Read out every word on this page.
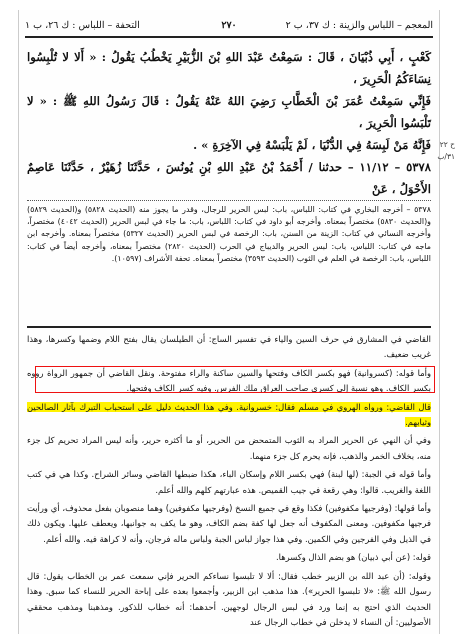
المعجم – اللباس والزينة : ك ٣٧، ب ٢
٢٧٠
التحفة – اللباس : ك ٢٦، ب ١

كَعْبٍ ، أَبِي ذُبْيَانَ ، قَالَ : سَمِعْتُ عَبْدَ اللهِ بْنَ الزُّبَيْرِ يَخْطُبُ يَقُولُ : « أَلا لا تُلْبِسُوا نِسَاءَكُمُ الْحَرِيرَ ،

فَإِنِّي سَمِعْتُ عُمَرَ بْنَ الْخَطَّابِ رَضِيَ اللهُ عَنْهُ يَقُولُ : قَالَ رَسُولُ اللهِ ﷺ : « لا تَلْبَسُوا الْحَرِيرَ ،

فَإِنَّهُ مَنْ لَبِسَهُ فِي الدُّنْيَا ، لَمْ يَلْبَسْهُ فِي الآخِرَةِ » .

٥٣٧٨ – ١١/١٢ – حدثنا / أَحْمَدُ بْنُ عَبْدِ اللهِ بْنِ يُونُسَ ، حَدَّثَنَا زُهَيْرٌ ، حَدَّثَنَا عَاصِمٌ الأَحْوَلُ ، عَنْ

ح ٢٢
٣١/ب

٥٣٧٨ – أخرجه البخاري في كتاب: اللباس، باب: لبس الحرير للرجال، وقدر ما يجوز منه (الحديث ٥٨٢٨) و(الحديث ٥٨٢٩) و(الحديث ٥٨٣٠) مختصراً بمعناه. وأخرجه أبو داود في كتاب: اللباس، باب: ما جاء في لبس الحرير (الحديث ٤٠٤٢) مختصراً، وأخرجه النسائي في كتاب: الزينة من السنن، باب: الرخصة في لبس الحرير (الحديث ٥٣٢٧) مختصراً بمعناه. وأخرجه ابن ماجه في كتاب: اللباس، باب: لبس الحرير والديباج في الحرب (الحديث ٢٨٢٠) مختصراً بمعناه، وأخرجه أيضاً في كتاب: اللباس، باب: الرخصة في العلم في الثوب (الحديث ٣٥٩٣) مختصراً بمعناه. تحفة الأشراف (١٠٥٩٧).

القاضي في المشارق في حرف السين والياء في تفسير الساج: أن الطيلسان يقال بفتح اللام وضمها وكسرها، وهذا غريب ضعيف.

وأما قوله: (كسروانية) فهو بكسر الكاف وفتحها والسين ساكنة والراء مفتوحة. ونقل القاضي أن جمهور الرواة رووه بكسر الكاف. وهو نسبة إلى كسرى صاحب العراق ملك الفرس. وفيه كسر الكاف وفتحها.

قال القاضي: ورواه الهروي في مسلم فقال: خسروانية. وفي هذا الحديث دليل على استحباب التبرك بآثار الصالحين وثيابهم.

وفي أن النهي عن الحرير المراد به الثوب المتمحض من الحرير، أو ما أكثره حرير، وأنه ليس المراد تحريم كل جزء منه، بخلاف الخمر والذهب، فإنه يحرم كل جزء منهما.

وأما قوله في الجبة: (لها لبنة) فهي بكسر اللام وإسكان الباء، هكذا ضبطها القاضي وسائر الشراح. وكذا هي في كتب اللغة والغريب. قالوا: وهي رقعة في جيب القميص. هذه عبارتهم كلهم والله أعلم.

وأما قولها: (وفرجيها مكفوفين) فكذا وقع في جميع النسخ (وفرجيها مكفوفين) وهما منصوبان بفعل محذوف، أي ورأيت فرجيها مكفوفين. ومعنى المكفوف أنه جعل لها كفة بضم الكاف، وهو ما يكف به جوانبها، ويعطف عليها. ويكون ذلك في الذيل وفي الفرجين وفي الكمين. وفي هذا جواز لباس الجبة ولباس ماله فرجان، وأنه لا كراهة فيه. والله أعلم.

قوله: (عن أبي ذبيان) هو بضم الذال وكسرها.

وقوله: (أن عبد الله بن الزبير خطب فقال: ألا لا تلبسوا نساءكم الحرير فإني سمعت عمر بن الخطاب يقول: قال رسول الله ﷺ: «لا تلبسوا الحرير»). هذا مذهب ابن الزبير، وأجمعوا بعده على إباحة الحرير للنساء كما سبق. وهذا الحديث الذي احتج به إنما ورد في لبس الرجال لوجهين. أحدهما: أنه خطاب للذكور. ومذهبنا ومذهب محققي الأصوليين: أن النساء لا يدخلن في خطاب الرجال عند
